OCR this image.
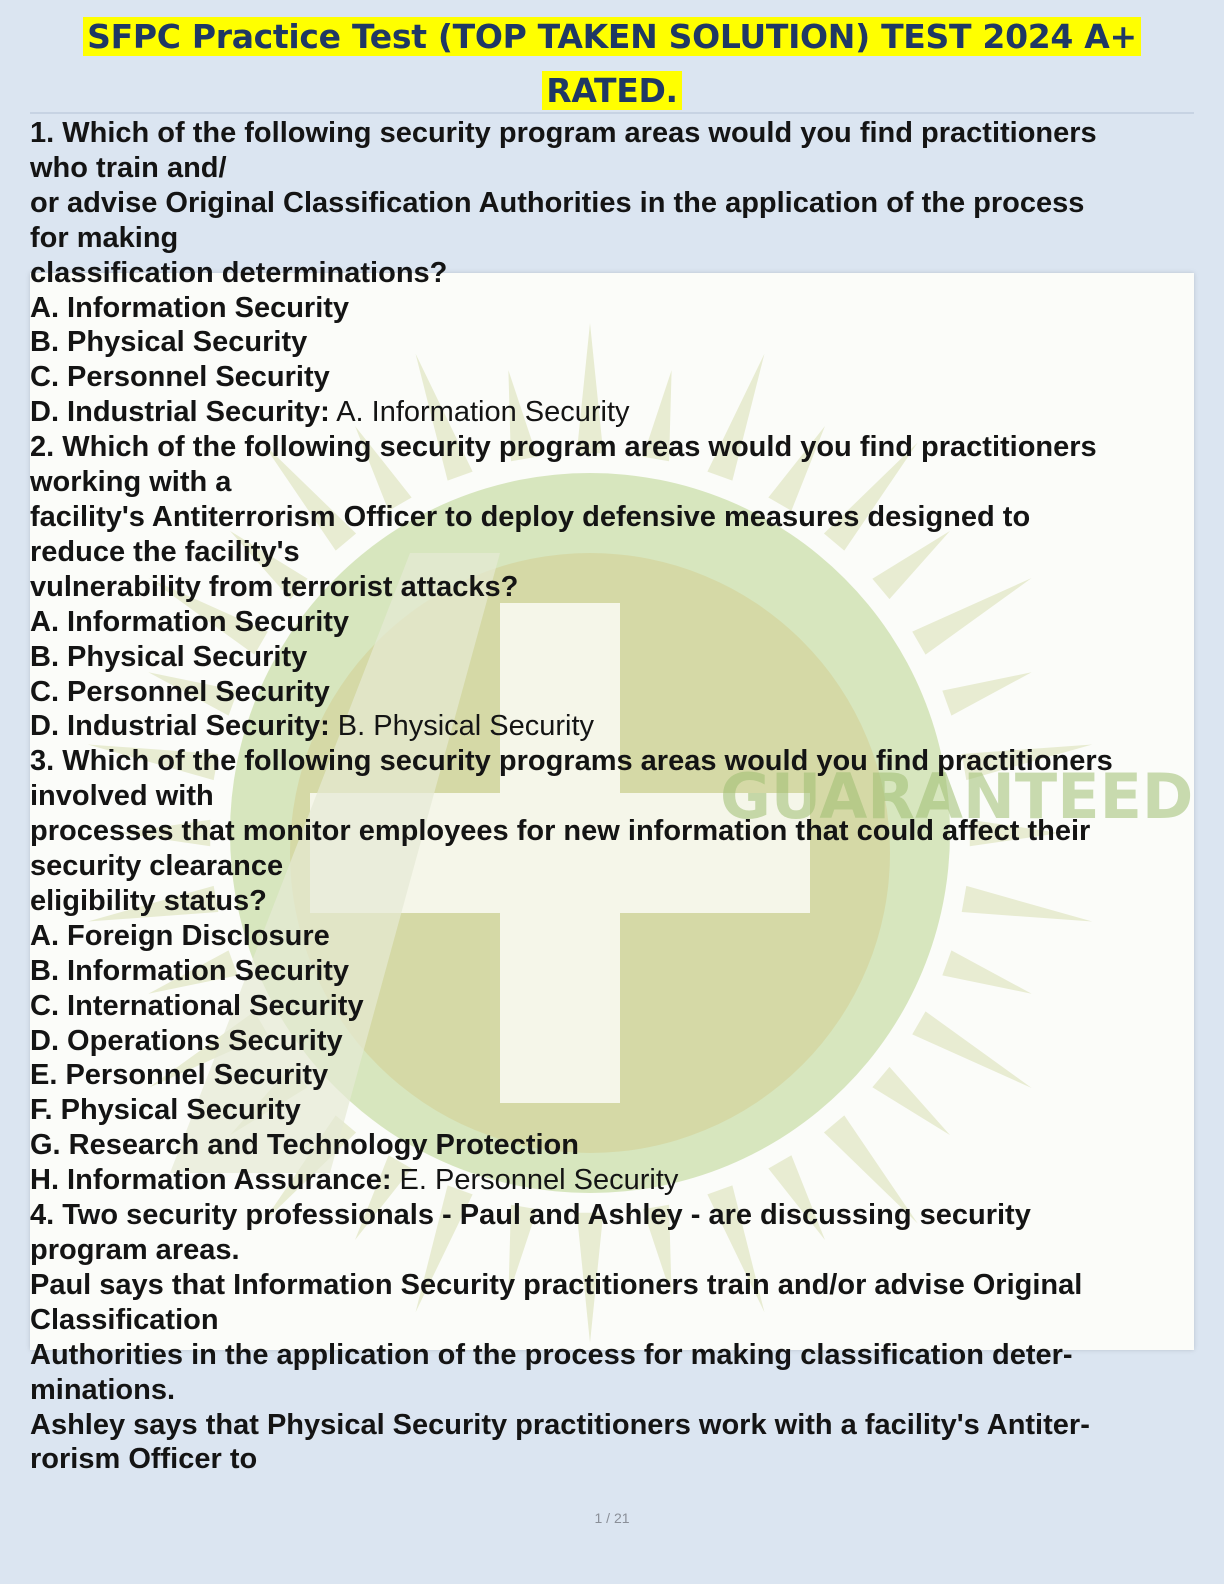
SFPC Practice Test (TOP TAKEN SOLUTION) TEST 2024 A+ RATED.
GUARANTEED
1. Which of the following security program areas would you find practitioners
who train and/
or advise Original Classification Authorities in the application of the process
for making
classification determinations?
A. Information Security
B. Physical Security
C. Personnel Security
D. Industrial Security: A. Information Security
2. Which of the following security program areas would you find practitioners
working with a
facility's Antiterrorism Officer to deploy defensive measures designed to
reduce the facility's
vulnerability from terrorist attacks?
A. Information Security
B. Physical Security
C. Personnel Security
D. Industrial Security: B. Physical Security
3. Which of the following security programs areas would you find practitioners
involved with
processes that monitor employees for new information that could affect their
security clearance
eligibility status?
A. Foreign Disclosure
B. Information Security
C. International Security
D. Operations Security
E. Personnel Security
F. Physical Security
G. Research and Technology Protection
H. Information Assurance: E. Personnel Security
4. Two security professionals - Paul and Ashley - are discussing security
program areas.
Paul says that Information Security practitioners train and/or advise Original
Classification
Authorities in the application of the process for making classification deter-
minations.
Ashley says that Physical Security practitioners work with a facility's Antiter-
rorism Officer to
1 / 21
